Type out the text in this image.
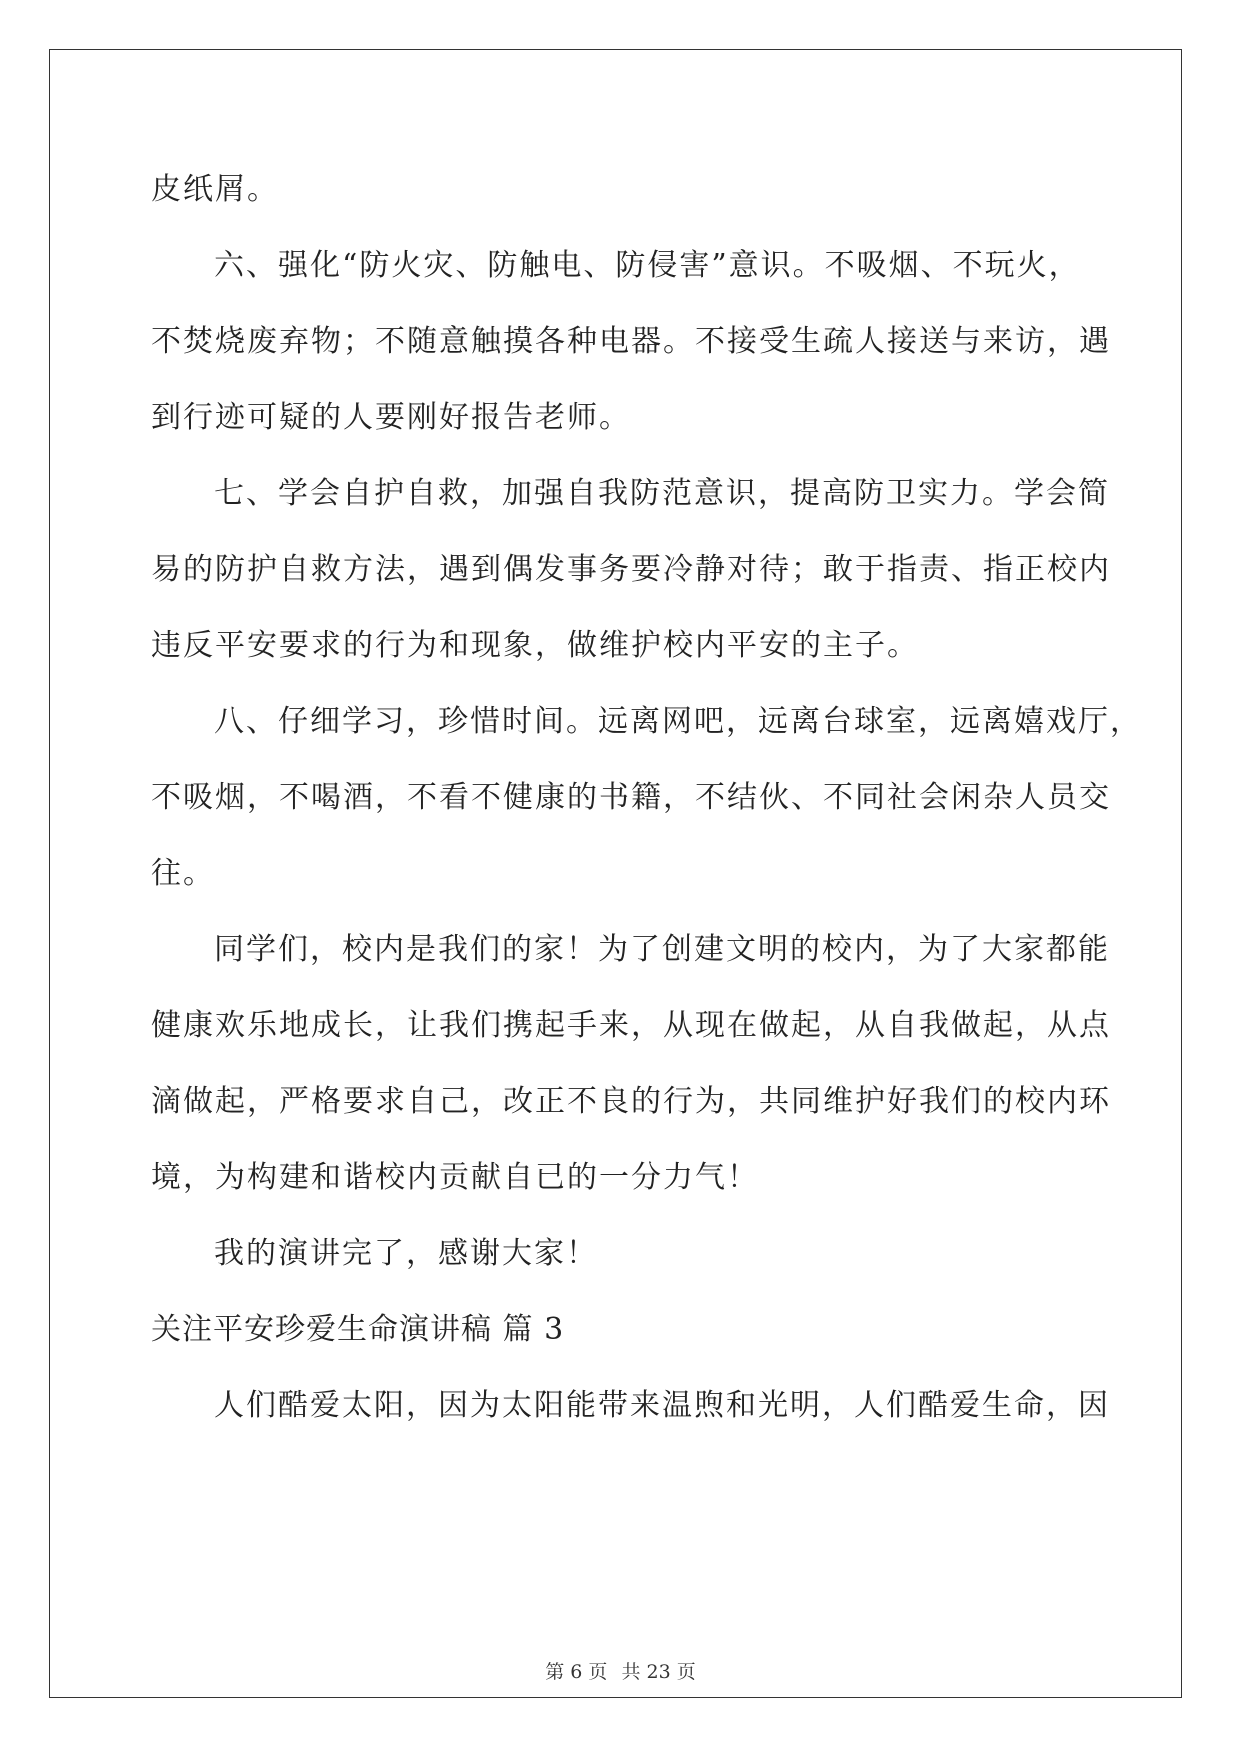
皮纸屑。
六、强化“防火灾、防触电、防侵害”意识。不吸烟、不玩火，
不焚烧废弃物；不随意触摸各种电器。不接受生疏人接送与来访，遇
到行迹可疑的人要刚好报告老师。
七、学会自护自救，加强自我防范意识，提高防卫实力。学会简
易的防护自救方法，遇到偶发事务要冷静对待；敢于指责、指正校内
违反平安要求的行为和现象，做维护校内平安的主子。
八、仔细学习，珍惜时间。远离网吧，远离台球室，远离嬉戏厅，
不吸烟，不喝酒，不看不健康的书籍，不结伙、不同社会闲杂人员交
往。
同学们，校内是我们的家！为了创建文明的校内，为了大家都能
健康欢乐地成长，让我们携起手来，从现在做起，从自我做起，从点
滴做起，严格要求自己，改正不良的行为，共同维护好我们的校内环
境，为构建和谐校内贡献自已的一分力气！
我的演讲完了，感谢大家！
关注平安珍爱生命演讲稿 篇 3
人们酷爱太阳，因为太阳能带来温煦和光明，人们酷爱生命，因
第 6 页 共 23 页
